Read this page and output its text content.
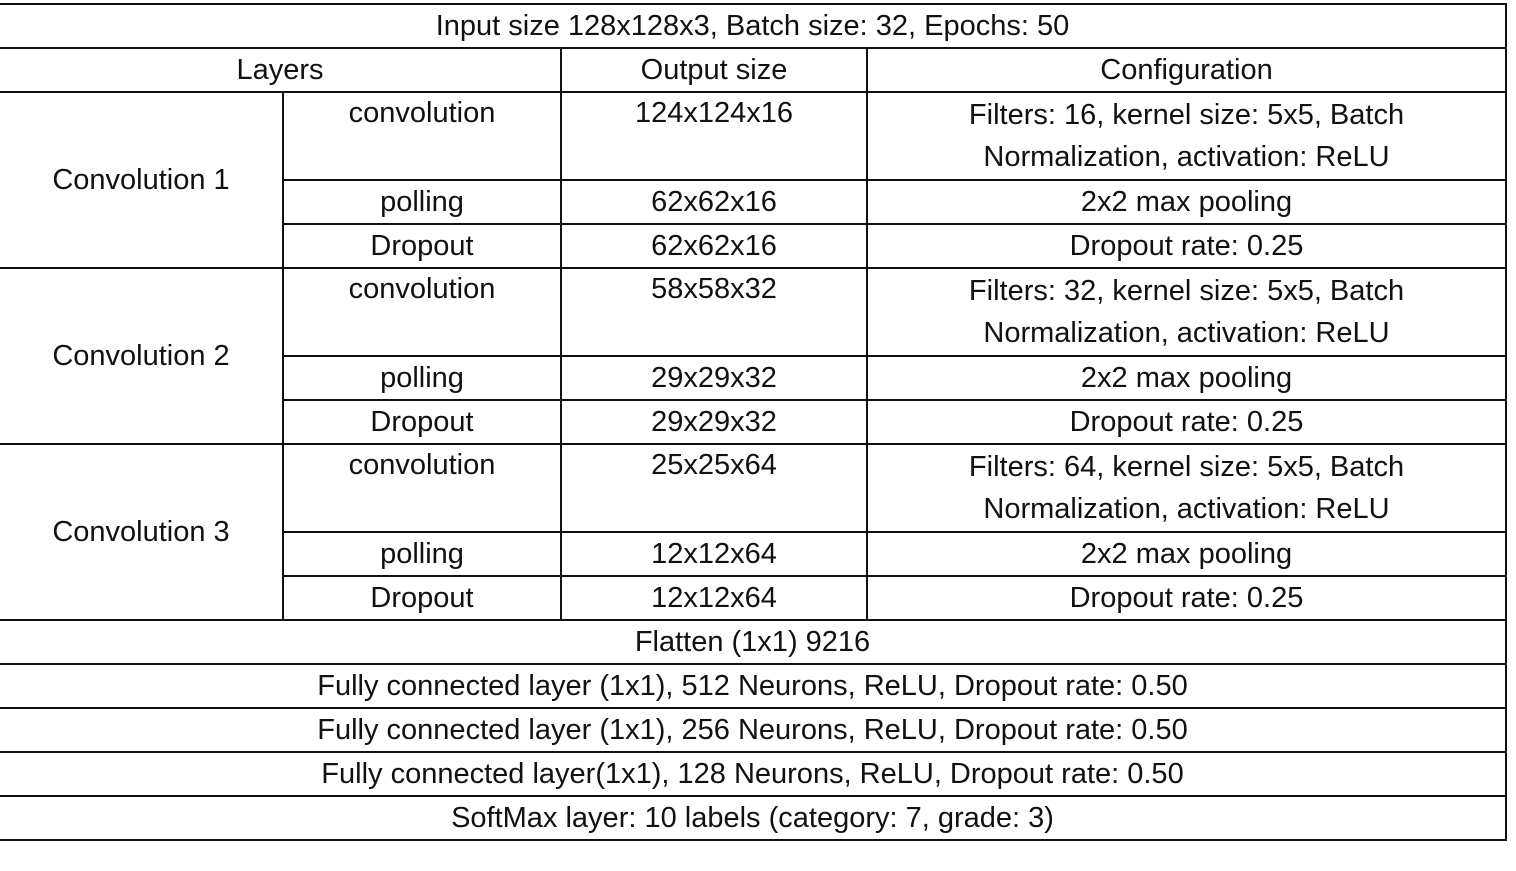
Input size 128x128x3, Batch size: 32, Epochs: 50			
Layers		Output size	Configuration
Convolution 1	convolution	124x124x16	Filters: 16, kernel size: 5x5, Batch Normalization, activation: ReLU
	polling	62x62x16	2x2 max pooling
	Dropout	62x62x16	Dropout rate: 0.25
Convolution 2	convolution	58x58x32	Filters: 32, kernel size: 5x5, Batch Normalization, activation: ReLU
	polling	29x29x32	2x2 max pooling
	Dropout	29x29x32	Dropout rate: 0.25
Convolution 3	convolution	25x25x64	Filters: 64, kernel size: 5x5, Batch Normalization, activation: ReLU
	polling	12x12x64	2x2 max pooling
	Dropout	12x12x64	Dropout rate: 0.25
Flatten (1x1) 9216			
Fully connected layer (1x1), 512 Neurons, ReLU, Dropout rate: 0.50			
Fully connected layer (1x1), 256 Neurons, ReLU, Dropout rate: 0.50			
Fully connected layer(1x1), 128 Neurons, ReLU, Dropout rate: 0.50			
SoftMax layer: 10 labels (category: 7, grade: 3)			
